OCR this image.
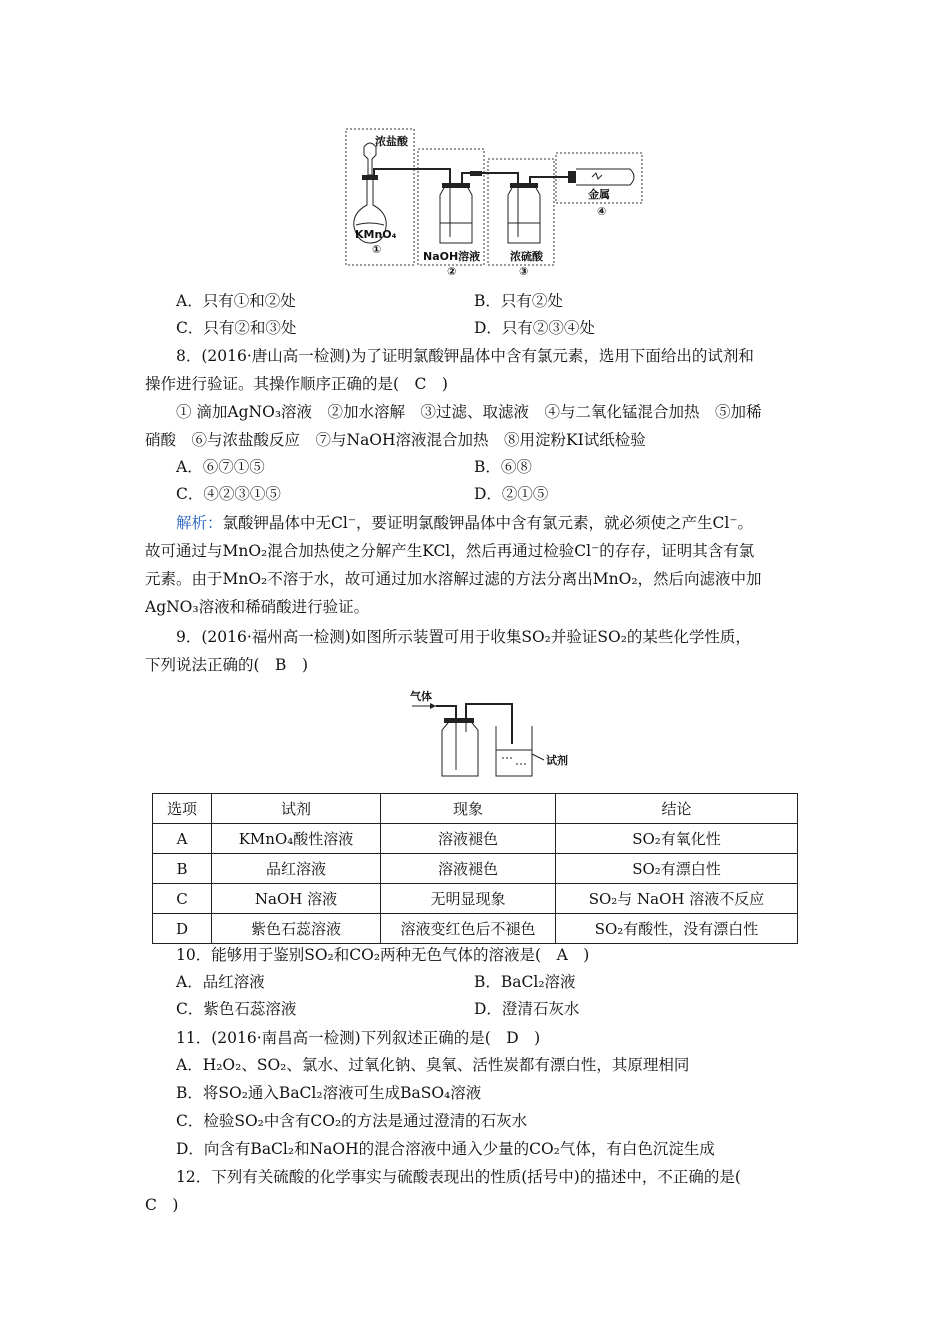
浓盐酸
KMnO₄
NaOH溶液	浓硫酸
金属
①
②	③
④
A．只有①和②处	B．只有②处
C．只有②和③处	D．只有②③④处
8．(2016·唐山高一检测)为了证明氯酸钾晶体中含有氯元素，选用下面给出的试剂和
操作进行验证。其操作顺序正确的是(　C　)
① 滴加AgNO₃溶液　②加水溶解　③过滤、取滤液　④与二氧化锰混合加热　⑤加稀
硝酸　⑥与浓盐酸反应　⑦与NaOH溶液混合加热　⑧用淀粉KI试纸检验
A．⑥⑦①⑤	B．⑥⑧
C．④②③①⑤	D．②①⑤
解析：氯酸钾晶体中无Cl⁻，要证明氯酸钾晶体中含有氯元素，就必须使之产生Cl⁻。
故可通过与MnO₂混合加热使之分解产生KCl，然后再通过检验Cl⁻的存存，证明其含有氯
元素。由于MnO₂不溶于水，故可通过加水溶解过滤的方法分离出MnO₂，然后向滤液中加
AgNO₃溶液和稀硝酸进行验证。
9．(2016·福州高一检测)如图所示装置可用于收集SO₂并验证SO₂的某些化学性质，
下列说法正确的(　B　)
气体
试剂
选项	试剂	现象	结论
A	KMnO₄酸性溶液	溶液褪色	SO₂有氧化性
B	品红溶液	溶液褪色	SO₂有漂白性
C	NaOH 溶液	无明显现象	SO₂与 NaOH 溶液不反应
D	紫色石蕊溶液	溶液变红色后不褪色	SO₂有酸性，没有漂白性
10．能够用于鉴别SO₂和CO₂两种无色气体的溶液是(　A　)
A．品红溶液	B．BaCl₂溶液
C．紫色石蕊溶液	D．澄清石灰水
11．(2016·南昌高一检测)下列叙述正确的是(　D　)
A．H₂O₂、SO₂、氯水、过氧化钠、臭氧、活性炭都有漂白性，其原理相同
B．将SO₂通入BaCl₂溶液可生成BaSO₄溶液
C．检验SO₂中含有CO₂的方法是通过澄清的石灰水
D．向含有BaCl₂和NaOH的混合溶液中通入少量的CO₂气体，有白色沉淀生成
12．下列有关硫酸的化学事实与硫酸表现出的性质(括号中)的描述中，不正确的是(
C　)
